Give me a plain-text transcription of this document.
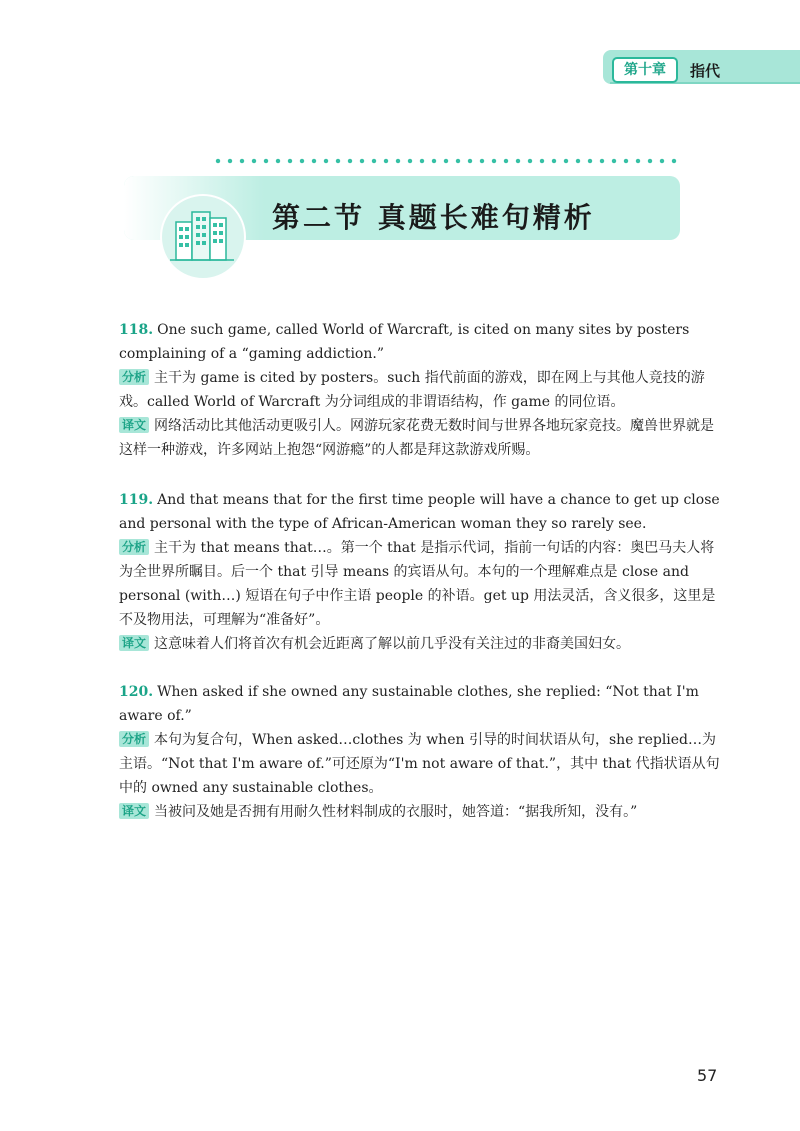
第十章	指代
第二节 真题长难句精析

118. One such game, called World of Warcraft, is cited on many sites by posters complaining of a “gaming addiction.”

分析 主干为 game is cited by posters。such 指代前面的游戏，即在网上与其他人竞技的游戏。called World of Warcraft 为分词组成的非谓语结构，作 game 的同位语。

译文 网络活动比其他活动更吸引人。网游玩家花费无数时间与世界各地玩家竞技。魔兽世界就是这样一种游戏，许多网站上抱怨“网游瘾”的人都是拜这款游戏所赐。

119. And that means that for the first time people will have a chance to get up close and personal with the type of African-American woman they so rarely see.

分析 主干为 that means that…。第一个 that 是指示代词，指前一句话的内容：奥巴马夫人将为全世界所瞩目。后一个 that 引导 means 的宾语从句。本句的一个理解难点是 close and personal (with…) 短语在句子中作主语 people 的补语。get up 用法灵活，含义很多，这里是不及物用法，可理解为“准备好”。

译文 这意味着人们将首次有机会近距离了解以前几乎没有关注过的非裔美国妇女。

120. When asked if she owned any sustainable clothes, she replied: “Not that I'm aware of.”

分析 本句为复合句，When asked…clothes 为 when 引导的时间状语从句，she replied…为主语。“Not that I'm aware of.”可还原为“I'm not aware of that.”，其中 that 代指状语从句中的 owned any sustainable clothes。

译文 当被问及她是否拥有用耐久性材料制成的衣服时，她答道：“据我所知，没有。”

57
